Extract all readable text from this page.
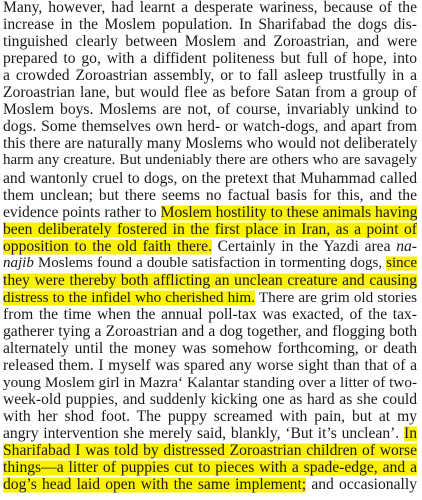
Many, however, had learnt a desperate wariness, because of the
increase in the Moslem population. In Sharifabad the dogs dis-
tinguished clearly between Moslem and Zoroastrian, and were
prepared to go, with a diffident politeness but full of hope, into
a crowded Zoroastrian assembly, or to fall asleep trustfully in a
Zoroastrian lane, but would flee as before Satan from a group of
Moslem boys. Moslems are not, of course, invariably unkind to
dogs. Some themselves own herd- or watch-dogs, and apart from
this there are naturally many Moslems who would not deliberately
harm any creature. But undeniably there are others who are savagely
and wantonly cruel to dogs, on the pretext that Muhammad called
them unclean; but there seems no factual basis for this, and the
evidence points rather to Moslem hostility to these animals having
been deliberately fostered in the first place in Iran, as a point of
opposition to the old faith there. Certainly in the Yazdi area na-
najib Moslems found a double satisfaction in tormenting dogs, since
they were thereby both afflicting an unclean creature and causing
distress to the infidel who cherished him. There are grim old stories
from the time when the annual poll-tax was exacted, of the tax-
gatherer tying a Zoroastrian and a dog together, and flogging both
alternately until the money was somehow forthcoming, or death
released them. I myself was spared any worse sight than that of a
young Moslem girl in Mazra‘ Kalantar standing over a litter of two-
week-old puppies, and suddenly kicking one as hard as she could
with her shod foot. The puppy screamed with pain, but at my
angry intervention she merely said, blankly, ‘But it’s unclean’. In
Sharifabad I was told by distressed Zoroastrian children of worse
things—a litter of puppies cut to pieces with a spade-edge, and a
dog’s head laid open with the same implement; and occasionally
